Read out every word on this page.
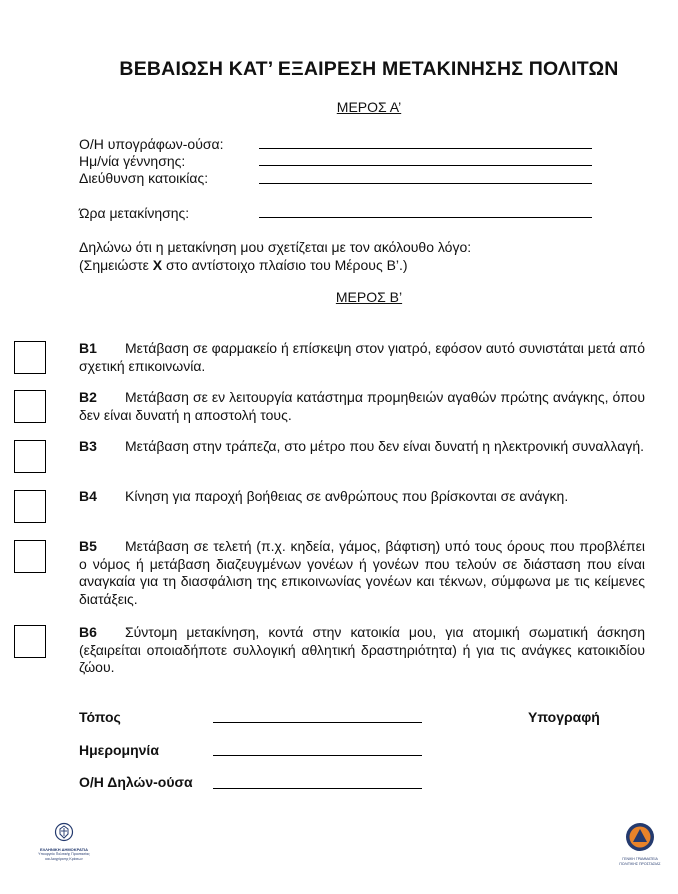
ΒΕΒΑΙΩΣΗ ΚΑΤ’ ΕΞΑΙΡΕΣΗ ΜΕΤΑΚΙΝΗΣΗΣ ΠΟΛΙΤΩΝ
ΜΕΡΟΣ Α’
Ο/Η υπογράφων-ούσα:
Ημ/νία γέννησης:
Διεύθυνση κατοικίας:
Ώρα μετακίνησης:
Δηλώνω ότι η μετακίνηση μου σχετίζεται με τον ακόλουθο λόγο:
(Σημειώστε X στο αντίστοιχο πλαίσιο του Μέρους Β’.)
ΜΕΡΟΣ Β’
Β1 Μετάβαση σε φαρμακείο ή επίσκεψη στον γιατρό, εφόσον αυτό συνιστάται μετά από σχετική επικοινωνία.
Β2 Μετάβαση σε εν λειτουργία κατάστημα προμηθειών αγαθών πρώτης ανάγκης, όπου δεν είναι δυνατή η αποστολή τους.
Β3 Μετάβαση στην τράπεζα, στο μέτρο που δεν είναι δυνατή η ηλεκτρονική συναλλαγή.
Β4 Κίνηση για παροχή βοήθειας σε ανθρώπους που βρίσκονται σε ανάγκη.
Β5 Μετάβαση σε τελετή (π.χ. κηδεία, γάμος, βάφτιση) υπό τους όρους που προβλέπει ο νόμος ή μετάβαση διαζευγμένων γονέων ή γονέων που τελούν σε διάσταση που είναι αναγκαία για τη διασφάλιση της επικοινωνίας γονέων και τέκνων, σύμφωνα με τις κείμενες διατάξεις.
Β6 Σύντομη μετακίνηση, κοντά στην κατοικία μου, για ατομική σωματική άσκηση (εξαιρείται οποιαδήποτε συλλογική αθλητική δραστηριότητα) ή για τις ανάγκες κατοικιδίου ζώου.
Τόπος	Υπογραφή
Ημερομηνία
Ο/Η Δηλών-ούσα
ΕΛΛΗΝΙΚΗ ΔΗΜΟΚΡΑΤΙΑ
Υπουργείο Πολιτικής Προστασίας
και Διαχείρισης Κρίσεων	ΓΕΝΙΚΗ ΓΡΑΜΜΑΤΕΙΑ
ΠΟΛΙΤΙΚΗΣ ΠΡΟΣΤΑΣΙΑΣ
